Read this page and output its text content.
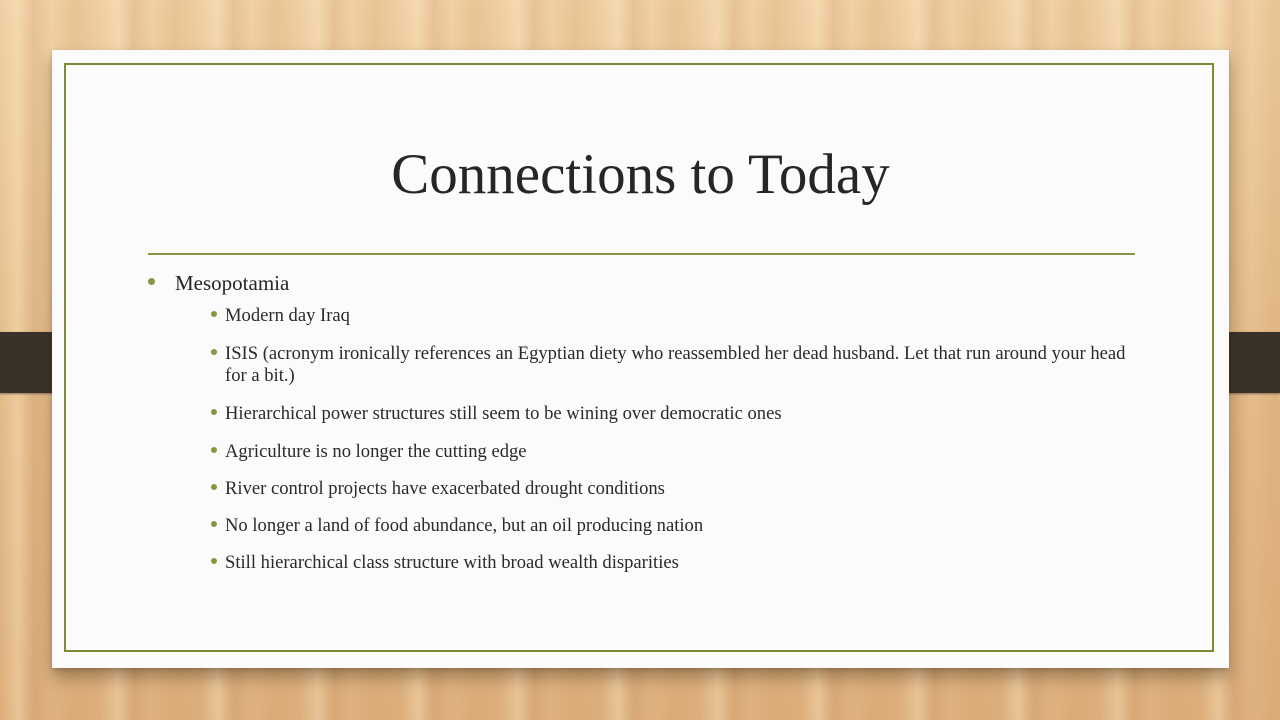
Connections to Today
Mesopotamia
Modern day Iraq
ISIS (acronym ironically references an Egyptian diety who reassembled her dead husband. Let that run around your head for a bit.)
Hierarchical power structures still seem to be wining over democratic ones
Agriculture is no longer the cutting edge
River control projects have exacerbated drought conditions
No longer a land of food abundance, but an oil producing nation
Still hierarchical class structure with broad wealth disparities
